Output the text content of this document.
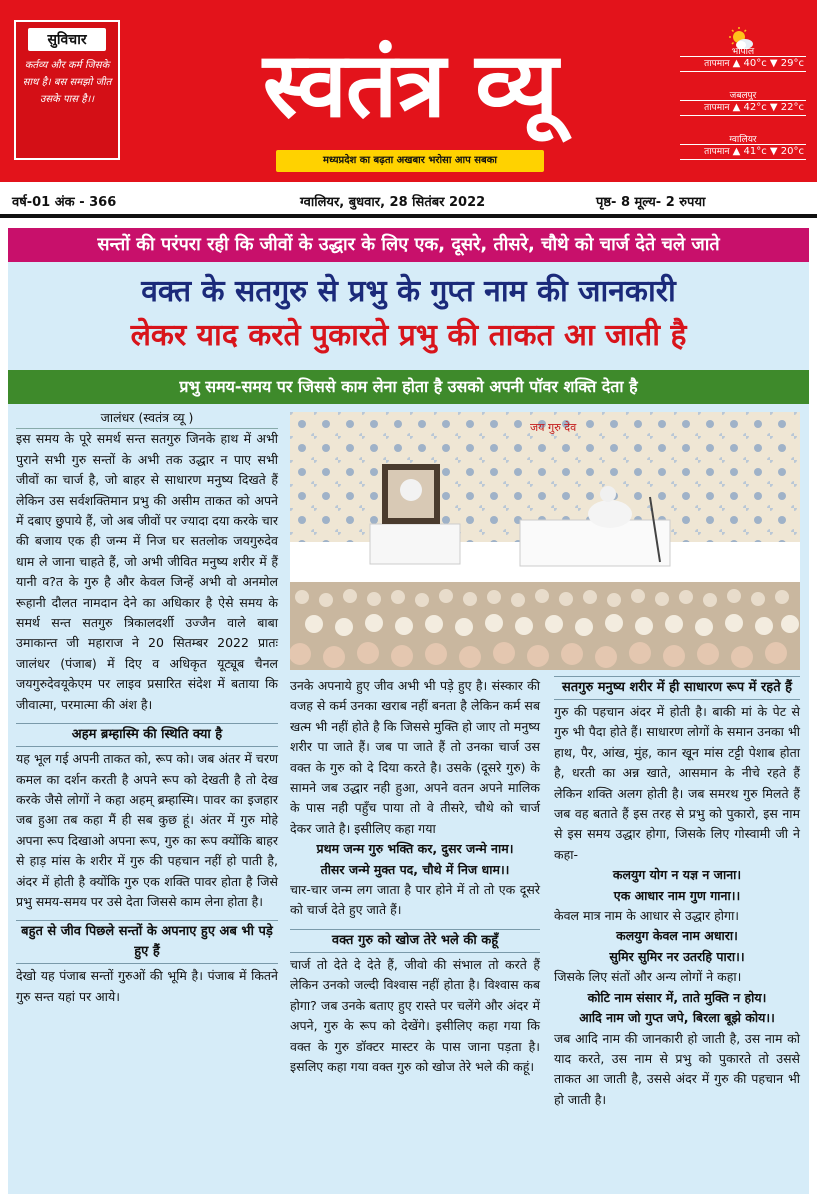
सुविचार
कर्तव्य और कर्म जिसके साथ है। बस समझो जीत उसके पास है।।	स्वतंत्र व्यू
मध्यप्रदेश का बढ़ता अखबार भरोसा आप सबका
भोपाल
तापमान ▲ 40°c ▼ 29°c
जबलपुर
तापमान ▲ 42°c ▼ 22°c
ग्वालियर
तापमान ▲ 41°c ▼ 20°c
वर्ष-01 अंक - 366	ग्वालियर, बुधवार, 28 सितंबर 2022	पृष्ठ- 8 मूल्य- 2 रुपया
सन्तों की परंपरा रही कि जीवों के उद्धार के लिए एक, दूसरे, तीसरे, चौथे को चार्ज देते चले जाते
वक्त के सतगुरु से प्रभु के गुप्त नाम की जानकारी
लेकर याद करते पुकारते प्रभु की ताकत आ जाती है
प्रभु समय-समय पर जिससे काम लेना होता है उसको अपनी पॉवर शक्ति देता है
जालंधर (स्वतंत्र व्यू )

इस समय के पूरे समर्थ सन्त सतगुरु जिनके हाथ में अभी पुराने सभी गुरु सन्तों के अभी तक उद्धार न पाए सभी जीवों का चार्ज है, जो बाहर से साधारण मनुष्य दिखते हैं लेकिन उस सर्वशक्तिमान प्रभु की असीम ताकत को अपने में दबाए छुपाये हैं, जो अब जीवों पर ज्यादा दया करके चार की बजाय एक ही जन्म में निज घर सतलोक जयगुरुदेव धाम ले जाना चाहते हैं, जो अभी जीवित मनुष्य शरीर में हैं यानी व?त के गुरु है और केवल जिन्हें अभी वो अनमोल रूहानी दौलत नामदान देने का अधिकार है ऐसे समय के समर्थ सन्त सतगुरु त्रिकालदर्शी उज्जैन वाले बाबा उमाकान्त जी महाराज ने 20 सितम्बर 2022 प्रातः जालंधर (पंजाब) में दिए व अधिकृत यूट्यूब चैनल जयगुरुदेवयूकेएम पर लाइव प्रसारित संदेश में बताया कि जीवात्मा, परमात्मा की अंश है।

अहम ब्रम्हास्मि की स्थिति क्या है

यह भूल गई अपनी ताकत को, रूप को। जब अंतर में चरण कमल का दर्शन करती है अपने रूप को देखती है तो देख करके जैसे लोगों ने कहा अहम् ब्रम्हास्मि। पावर का इजहार जब हुआ तब कहा मैं ही सब कुछ हूं। अंतर में गुरु मोहे अपना रूप दिखाओ अपना रूप, गुरु का रूप क्योंकि बाहर से हाड़ मांस के शरीर में गुरु की पहचान नहीं हो पाती है, अंदर में होती है क्योंकि गुरु एक शक्ति पावर होता है जिसे प्रभु समय-समय पर उसे देता जिससे काम लेना होता है।

बहुत से जीव पिछले सन्तों के अपनाए हुए अब भी पड़े हुए हैं

देखो यह पंजाब सन्तों गुरुओं की भूमि है। पंजाब में कितने गुरु सन्त यहां पर आये।

जय गुरु देव

उनके अपनाये हुए जीव अभी भी पड़े हुए है। संस्कार की वजह से कर्म उनका खराब नहीं बनता है लेकिन कर्म सब खत्म भी नहीं होते है कि जिससे मुक्ति हो जाए तो मनुष्य शरीर पा जाते हैं। जब पा जाते हैं तो उनका चार्ज उस वक्त के गुरु को दे दिया करते है। उसके (दूसरे गुरु) के सामने जब उद्धार नही हुआ, अपने वतन अपने मालिक के पास नही पहुँच पाया तो वे तीसरे, चौथे को चार्ज देकर जाते है। इसीलिए कहा गया

प्रथम जन्म गुरु भक्ति कर, दुसर जन्मे नाम।
तीसर जन्मे मुक्त पद, चौथे में निज धाम।।

चार-चार जन्म लग जाता है पार होने में तो तो एक दूसरे को चार्ज देते हुए जाते हैं।

वक्त गुरु को खोज तेरे भले की कहूँ

चार्ज तो देते दे देते हैं, जीवो की संभाल तो करते हैं लेकिन उनको जल्दी विश्वास नहीं होता है। विश्वास कब होगा? जब उनके बताए हुए रास्ते पर चलेंगे और अंदर में अपने, गुरु के रूप को देखेंगे। इसीलिए कहा गया कि वक्त के गुरु डॉक्टर मास्टर के पास जाना पड़ता है। इसलिए कहा गया वक्त गुरु को खोज तेरे भले की कहूं।

सतगुरु मनुष्य शरीर में ही साधारण रूप में रहते हैं

गुरु की पहचान अंदर में होती है। बाकी मां के पेट से गुरु भी पैदा होते हैं। साधारण लोगों के समान उनका भी हाथ, पैर, आंख, मुंह, कान खून मांस टट्टी पेशाब होता है, धरती का अन्न खाते, आसमान के नीचे रहते हैं लेकिन शक्ति अलग होती है। जब समरथ गुरु मिलते हैं जब वह बताते हैं इस तरह से प्रभु को पुकारो, इस नाम से इस समय उद्धार होगा, जिसके लिए गोस्वामी जी ने कहा-

कलयुग योग न यज्ञ न जाना।
एक आधार नाम गुण गाना।।

केवल मात्र नाम के आधार से उद्धार होगा।

कलयुग केवल नाम अधारा।
सुमिर सुमिर नर उतरहि पारा।।

जिसके लिए संतों और अन्य लोगों ने कहा।

कोटि नाम संसार में, ताते मुक्ति न होय।
आदि नाम जो गुप्त जपे, बिरला बूझे कोय।।

जब आदि नाम की जानकारी हो जाती है, उस नाम को याद करते, उस नाम से प्रभु को पुकारते तो उससे ताकत आ जाती है, उससे अंदर में गुरु की पहचान भी हो जाती है।
